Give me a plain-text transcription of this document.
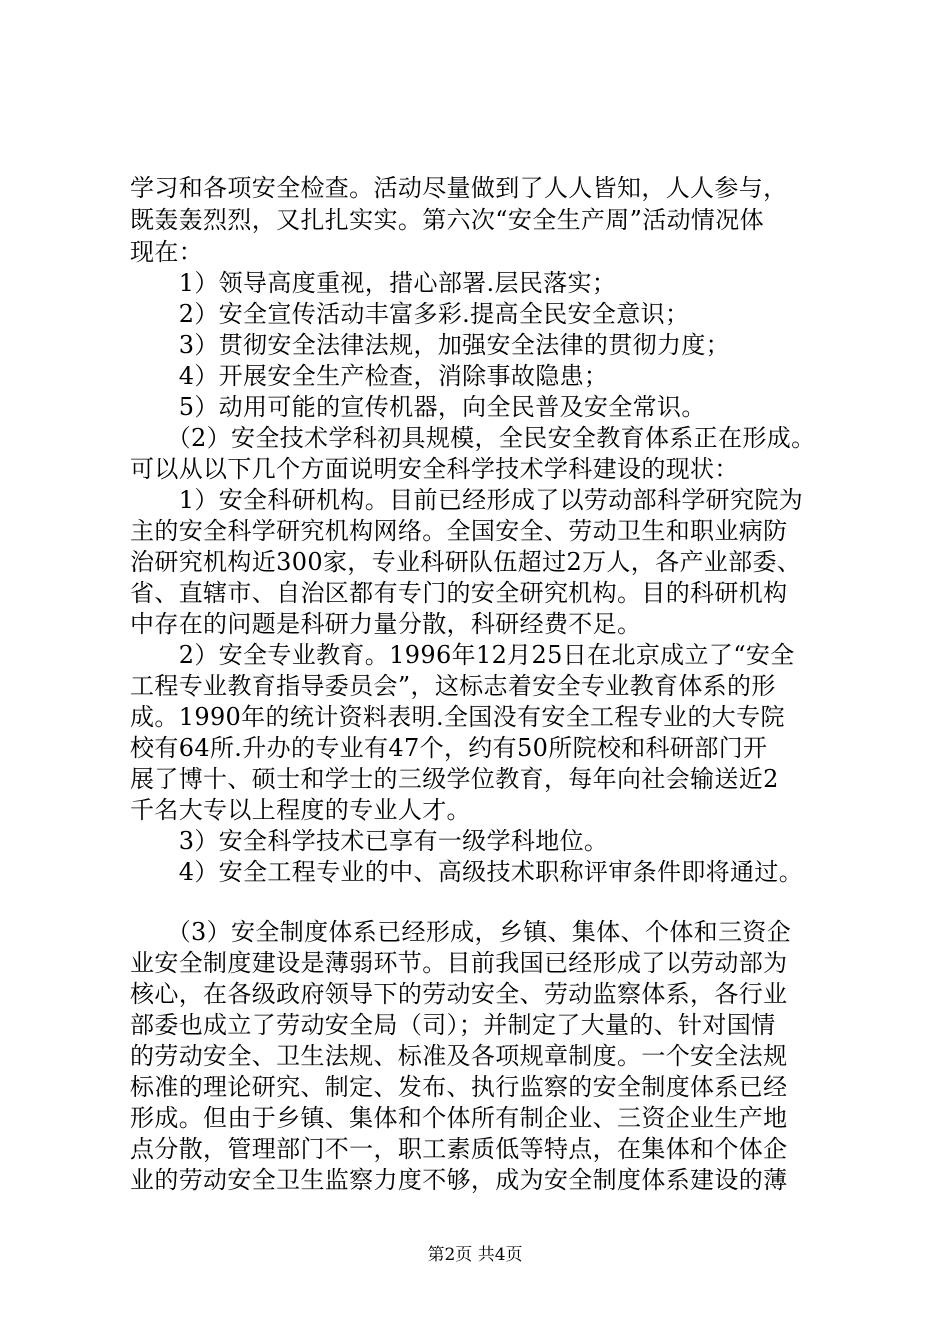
学习和各项安全检查。活动尽量做到了人人皆知，人人参与，
既轰轰烈烈，又扎扎实实。第六次“安全生产周”活动情况体
现在：
　　1）领导高度重视，措心部署.层民落实；
　　2）安全宣传活动丰富多彩.提高全民安全意识；
　　3）贯彻安全法律法规，加强安全法律的贯彻力度；
　　4）开展安全生产检查，消除事故隐患；
　　5）动用可能的宣传机器，向全民普及安全常识。
　　（2）安全技术学科初具规模，全民安全教育体系正在形成。
可以从以下几个方面说明安全科学技术学科建设的现状：
　　1）安全科研机构。目前已经形成了以劳动部科学研究院为
主的安全科学研究机构网络。全国安全、劳动卫生和职业病防
治研究机构近300家，专业科研队伍超过2万人，各产业部委、
省、直辖市、自治区都有专门的安全研究机构。目的科研机构
中存在的问题是科研力量分散，科研经费不足。
　　2）安全专业教育。1996年12月25日在北京成立了“安全
工程专业教育指导委员会”，这标志着安全专业教育体系的形
成。1990年的统计资料表明.全国没有安全工程专业的大专院
校有64所.升办的专业有47个，约有50所院校和科研部门开
展了博十、硕士和学士的三级学位教育，每年向社会输送近2
千名大专以上程度的专业人才。
　　3）安全科学技术已享有一级学科地位。
　　4）安全工程专业的中、高级技术职称评审条件即将通过。
　　（3）安全制度体系已经形成，乡镇、集体、个体和三资企
业安全制度建设是薄弱环节。目前我国已经形成了以劳动部为
核心，在各级政府领导下的劳动安全、劳动监察体系，各行业
部委也成立了劳动安全局（司）；并制定了大量的、针对国情
的劳动安全、卫生法规、标准及各项规章制度。一个安全法规
标准的理论研究、制定、发布、执行监察的安全制度体系已经
形成。但由于乡镇、集体和个体所有制企业、三资企业生产地
点分散，管理部门不一，职工素质低等特点，在集体和个体企
业的劳动安全卫生监察力度不够，成为安全制度体系建设的薄
第2页 共4页
